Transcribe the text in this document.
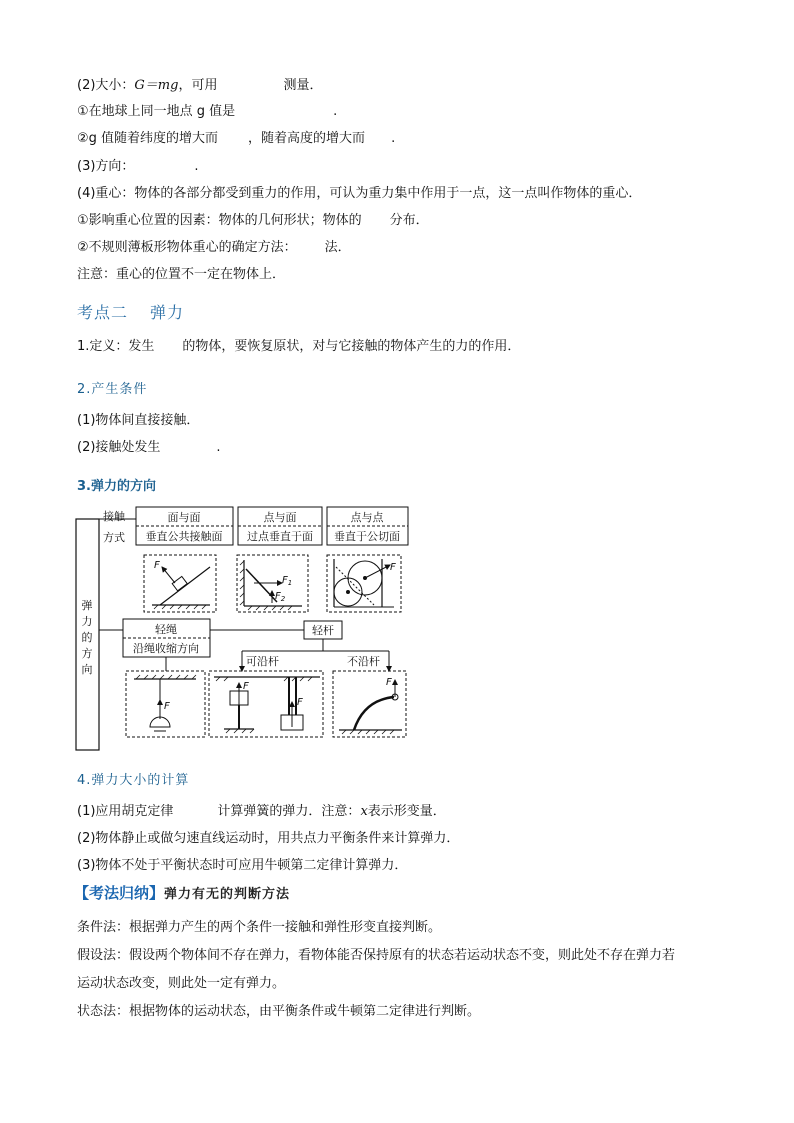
(2)大小：G＝mg，可用	测量．
①在地球上同一地点 g 值是	.
②g 值随着纬度的增大而 ，随着高度的增大而 .
(3)方向：	.
(4)重心：物体的各部分都受到重力的作用，可认为重力集中作用于一点，这一点叫作物体的重心．
①影响重心位置的因素：物体的几何形状；物体的 分布．
②不规则薄板形物体重心的确定方法： 法．
注意：重心的位置不一定在物体上．
考点二 弹力
1.定义：发生 的物体，要恢复原状，对与它接触的物体产生的力的作用．
2.产生条件
(1)物体间直接接触．
(2)接触处发生	.
3.弹力的方向
接触
方式
面与面
垂直公共接触面
点与面
过点垂直于面
点与点
垂直于公切面
轻绳
沿绳收缩方向
轻杆
可沿杆	不沿杆
弹
力
的
方
向
F
$F_1$
$F_2$
F
F
F
F
F
4.弹力大小的计算
(1)应用胡克定律	计算弹簧的弹力．注意：x表示形变量．
(2)物体静止或做匀速直线运动时，用共点力平衡条件来计算弹力．
(3)物体不处于平衡状态时可应用牛顿第二定律计算弹力．
【考法归纳】弹力有无的判断方法
条件法：根据弹力产生的两个条件一接触和弹性形变直接判断。
假设法：假设两个物体间不存在弹力，看物体能否保持原有的状态若运动状态不变，则此处不存在弹力若
运动状态改变，则此处一定有弹力。
状态法：根据物体的运动状态，由平衡条件或牛顿第二定律进行判断。
